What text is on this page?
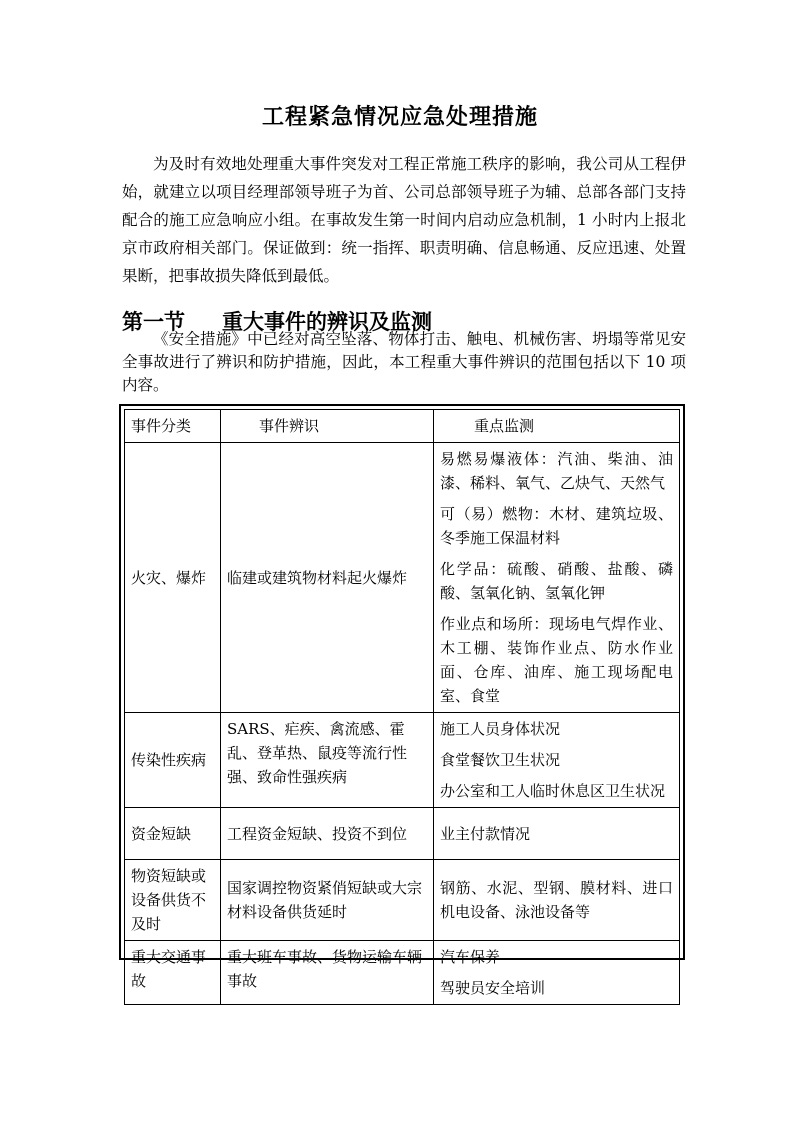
工程紧急情况应急处理措施
为及时有效地处理重大事件突发对工程正常施工秩序的影响，我公司从工程伊始，就建立以项目经理部领导班子为首、公司总部领导班子为辅、总部各部门支持配合的施工应急响应小组。在事故发生第一时间内启动应急机制，1 小时内上报北京市政府相关部门。保证做到：统一指挥、职责明确、信息畅通、反应迅速、处置果断，把事故损失降低到最低。
第一节 重大事件的辨识及监测
《安全措施》中已经对高空坠落、物体打击、触电、机械伤害、坍塌等常见安全事故进行了辨识和防护措施，因此，本工程重大事件辨识的范围包括以下 10 项内容。
事件分类	事件辨识	重点监测
火灾、爆炸	临建或建筑物材料起火爆炸	易燃易爆液体：汽油、柴油、油漆、稀料、氧气、乙炔气、天然气

可（易）燃物：木材、建筑垃圾、冬季施工保温材料

化学品：硫酸、硝酸、盐酸、磷酸、氢氧化钠、氢氧化钾

作业点和场所：现场电气焊作业、木工棚、装饰作业点、防水作业面、仓库、油库、施工现场配电室、食堂

传染性疾病	SARS、疟疾、禽流感、霍乱、登革热、鼠疫等流行性强、致命性强疾病	施工人员身体状况

食堂餐饮卫生状况

办公室和工人临时休息区卫生状况

资金短缺	工程资金短缺、投资不到位	业主付款情况

物资短缺或设备供货不及时	国家调控物资紧俏短缺或大宗材料设备供货延时	钢筋、水泥、型钢、膜材料、进口机电设备、泳池设备等

重大交通事故	重大班车事故、货物运输车辆事故	汽车保养

驾驶员安全培训
